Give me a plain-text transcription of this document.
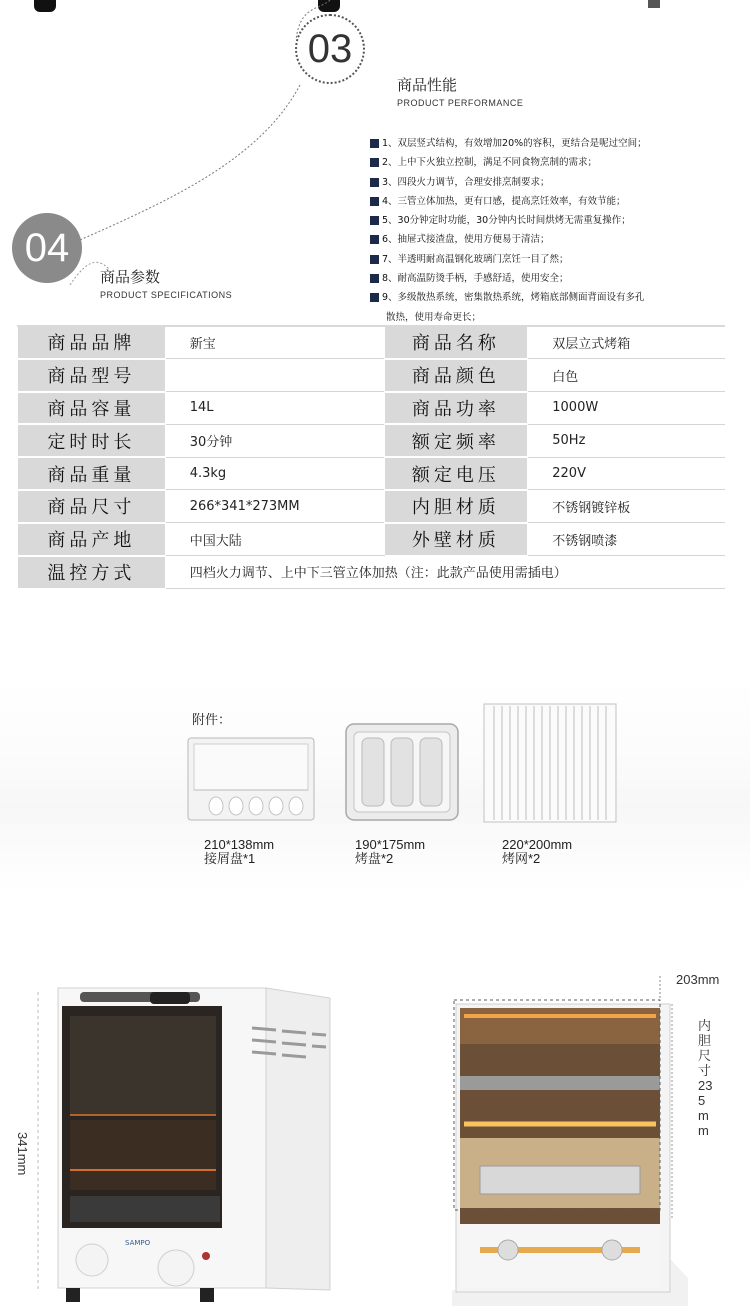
03
商品性能
PRODUCT PERFORMANCE
1、双层竖式结构，有效增加20%的容积，更结合是呢过空间；
2、上中下火独立控制，满足不同食物烹制的需求；
3、四段火力调节，合理安排烹制要求；
4、三管立体加热，更有口感，提高烹饪效率，有效节能；
5、30分钟定时功能，30分钟内长时间烘烤无需重复操作；
6、抽屉式接渣盘，使用方便易于清洁；
7、半透明耐高温钢化玻璃门烹饪一目了然；
8、耐高温防烫手柄，手感舒适，使用安全；
9、多级散热系统，密集散热系统，烤箱底部侧面背面设有多孔
散热，使用寿命更长；
04
商品参数
PRODUCT SPECIFICATIONS
商品品牌	新宝	商品名称	双层立式烤箱
商品型号		商品颜色	白色
商品容量	14L	商品功率	1000W
定时时长	30分钟	额定频率	50Hz
商品重量	4.3kg	额定电压	220V
商品尺寸	266*341*273MM	内胆材质	不锈钢镀锌板
商品产地	中国大陆	外壁材质	不锈钢喷漆
温控方式	四档火力调节、上中下三管立体加热（注：此款产品使用需插电）		
附件：
210*138mm
接屑盘*1
190*175mm
烤盘*2
220*200mm
烤网*2
SAMPO
341mm
203mm
内胆尺寸235mm
